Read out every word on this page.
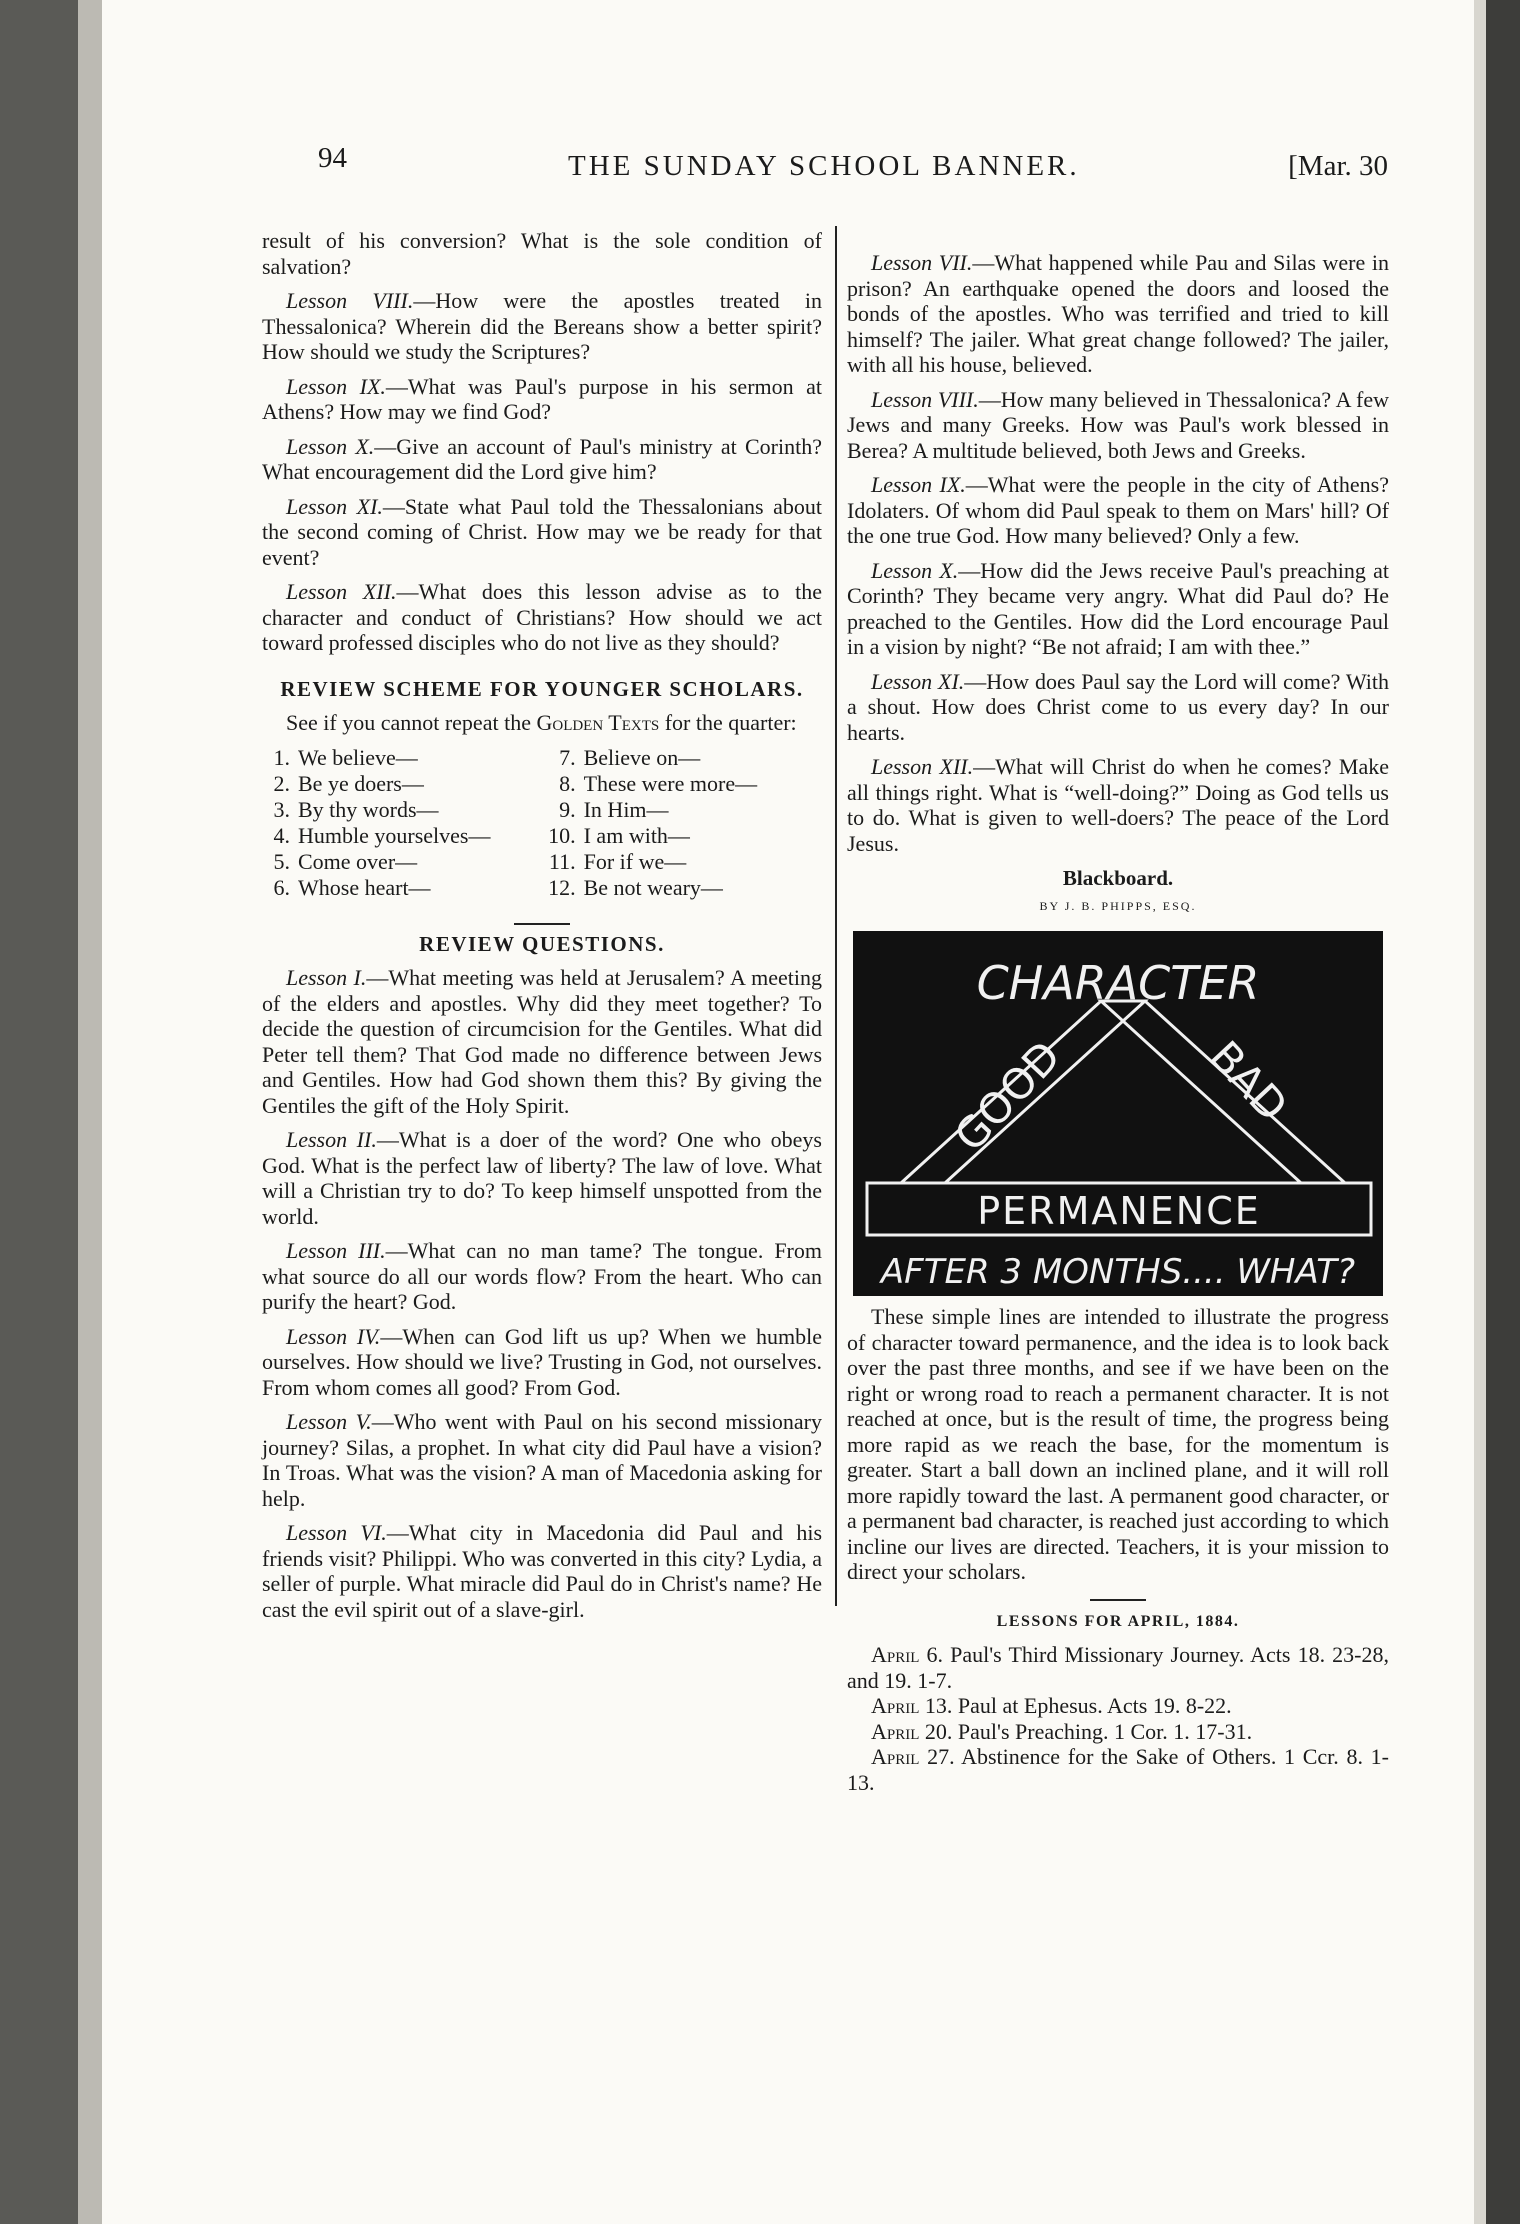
94	THE SUNDAY SCHOOL BANNER.	[Mar. 30

result of his conversion? What is the sole condition of salvation?

Lesson VIII.—How were the apostles treated in Thessalonica? Wherein did the Bereans show a better spirit? How should we study the Scriptures?

Lesson IX.—What was Paul's purpose in his sermon at Athens? How may we find God?

Lesson X.—Give an account of Paul's ministry at Corinth? What encouragement did the Lord give him?

Lesson XI.—State what Paul told the Thessalonians about the second coming of Christ. How may we be ready for that event?

Lesson XII.—What does this lesson advise as to the character and conduct of Christians? How should we act toward professed disciples who do not live as they should?

REVIEW SCHEME FOR YOUNGER SCHOLARS.

See if you cannot repeat the Golden Texts for the quarter:

1. We believe—
2. Be ye doers—
3. By thy words—
4. Humble yourselves—
5. Come over—
6. Whose heart—
7. Believe on—
8. These were more—
9. In Him—
10. I am with—
11. For if we—
12. Be not weary—
REVIEW QUESTIONS.

Lesson I.—What meeting was held at Jerusalem? A meeting of the elders and apostles. Why did they meet together? To decide the question of circumcision for the Gentiles. What did Peter tell them? That God made no difference between Jews and Gentiles. How had God shown them this? By giving the Gentiles the gift of the Holy Spirit.

Lesson II.—What is a doer of the word? One who obeys God. What is the perfect law of liberty? The law of love. What will a Christian try to do? To keep himself unspotted from the world.

Lesson III.—What can no man tame? The tongue. From what source do all our words flow? From the heart. Who can purify the heart? God.

Lesson IV.—When can God lift us up? When we humble ourselves. How should we live? Trusting in God, not ourselves. From whom comes all good? From God.

Lesson V.—Who went with Paul on his second missionary journey? Silas, a prophet. In what city did Paul have a vision? In Troas. What was the vision? A man of Macedonia asking for help.

Lesson VI.—What city in Macedonia did Paul and his friends visit? Philippi. Who was converted in this city? Lydia, a seller of purple. What miracle did Paul do in Christ's name? He cast the evil spirit out of a slave-girl.

Lesson VII.—What happened while Pau and Silas were in prison? An earthquake opened the doors and loosed the bonds of the apostles. Who was terrified and tried to kill himself? The jailer. What great change followed? The jailer, with all his house, believed.

Lesson VIII.—How many believed in Thessalonica? A few Jews and many Greeks. How was Paul's work blessed in Berea? A multitude believed, both Jews and Greeks.

Lesson IX.—What were the people in the city of Athens? Idolaters. Of whom did Paul speak to them on Mars' hill? Of the one true God. How many believed? Only a few.

Lesson X.—How did the Jews receive Paul's preaching at Corinth? They became very angry. What did Paul do? He preached to the Gentiles. How did the Lord encourage Paul in a vision by night? “Be not afraid; I am with thee.”

Lesson XI.—How does Paul say the Lord will come? With a shout. How does Christ come to us every day? In our hearts.

Lesson XII.—What will Christ do when he comes? Make all things right. What is “well-doing?” Doing as God tells us to do. What is given to well-doers? The peace of the Lord Jesus.

Blackboard.
BY J. B. PHIPPS, ESQ.
CHARACTER
GOOD	BAD
PERMANENCE
AFTER 3 MONTHS.... WHAT?

These simple lines are intended to illustrate the progress of character toward permanence, and the idea is to look back over the past three months, and see if we have been on the right or wrong road to reach a permanent character. It is not reached at once, but is the result of time, the progress being more rapid as we reach the base, for the momentum is greater. Start a ball down an inclined plane, and it will roll more rapidly toward the last. A permanent good character, or a permanent bad character, is reached just according to which incline our lives are directed. Teachers, it is your mission to direct your scholars.

LESSONS FOR APRIL, 1884.

April 6. Paul's Third Missionary Journey. Acts 18. 23-28, and 19. 1-7.

April 13. Paul at Ephesus. Acts 19. 8-22.

April 20. Paul's Preaching. 1 Cor. 1. 17-31.

April 27. Abstinence for the Sake of Others. 1 Ccr. 8. 1-13.
